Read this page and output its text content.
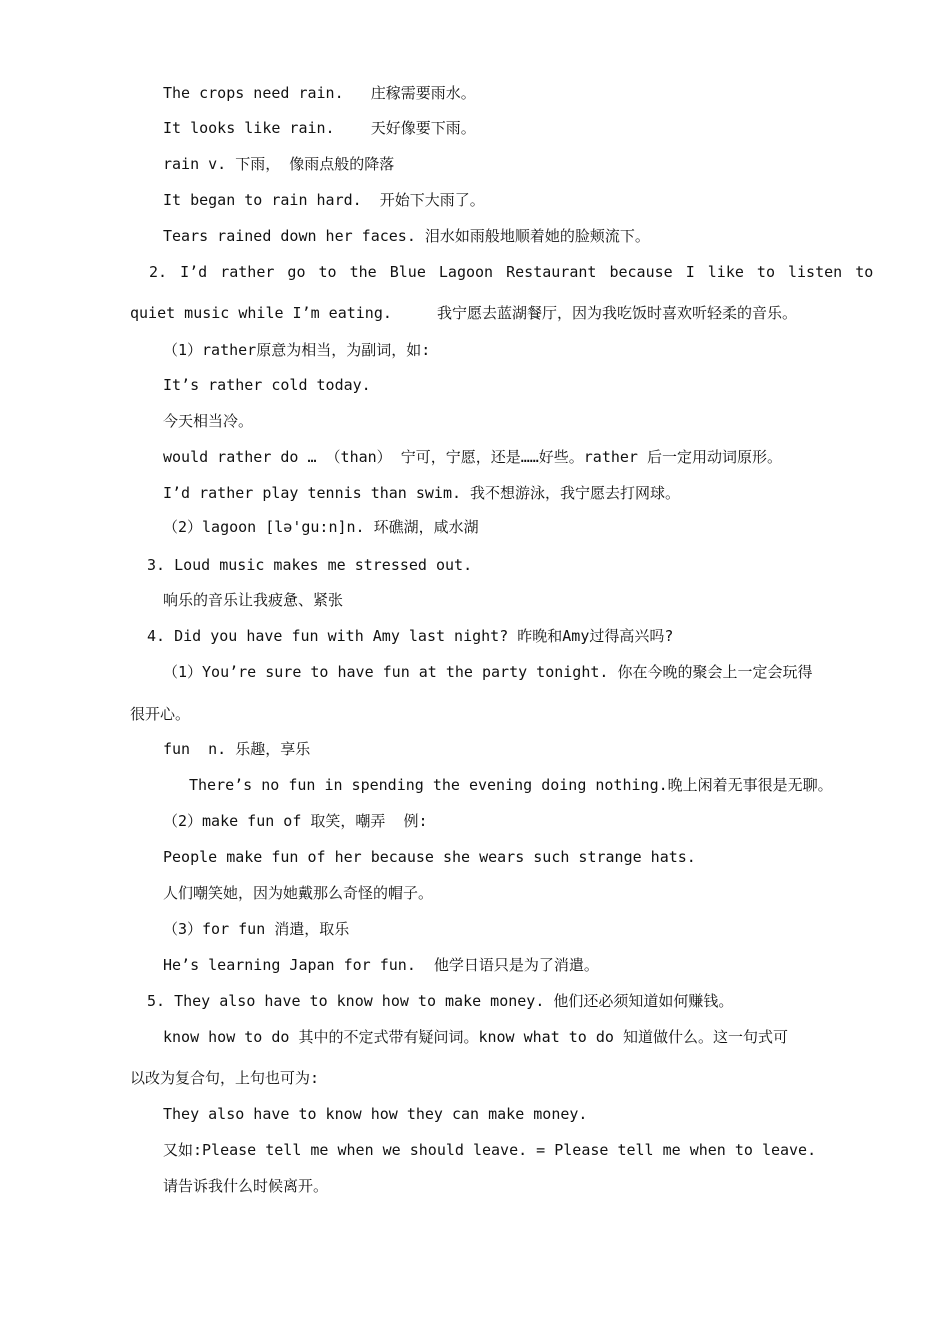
The crops need rain.   庄稼需要雨水。
It looks like rain.    天好像要下雨。
rain v. 下雨， 像雨点般的降落
It began to rain hard.  开始下大雨了。
Tears rained down her faces. 泪水如雨般地顺着她的脸颊流下。
2. I’d rather go to the Blue Lagoon Restaurant because I like to listen to
quiet music while I’m eating.     我宁愿去蓝湖餐厅，因为我吃饭时喜欢听轻柔的音乐。
（1）rather原意为相当，为副词，如:
It’s rather cold today.
今天相当冷。
would rather do … （than） 宁可，宁愿，还是……好些。rather 后一定用动词原形。
I’d rather play tennis than swim. 我不想游泳，我宁愿去打网球。
（2）lagoon [lә'gu:n]n. 环礁湖，咸水湖
3. Loud music makes me stressed out.
响乐的音乐让我疲惫、紧张
4. Did you have fun with Amy last night? 昨晚和Amy过得高兴吗?
（1）You’re sure to have fun at the party tonight. 你在今晚的聚会上一定会玩得
很开心。
fun  n. 乐趣，享乐
There’s no fun in spending the evening doing nothing.晚上闲着无事很是无聊。
（2）make fun of 取笑，嘲弄  例:
People make fun of her because she wears such strange hats.
人们嘲笑她，因为她戴那么奇怪的帽子。
（3）for fun 消遣，取乐
He’s learning Japan for fun.  他学日语只是为了消遣。
5. They also have to know how to make money. 他们还必须知道如何赚钱。
know how to do 其中的不定式带有疑问词。know what to do 知道做什么。这一句式可
以改为复合句，上句也可为:
They also have to know how they can make money.
又如:Please tell me when we should leave. = Please tell me when to leave.
请告诉我什么时候离开。
